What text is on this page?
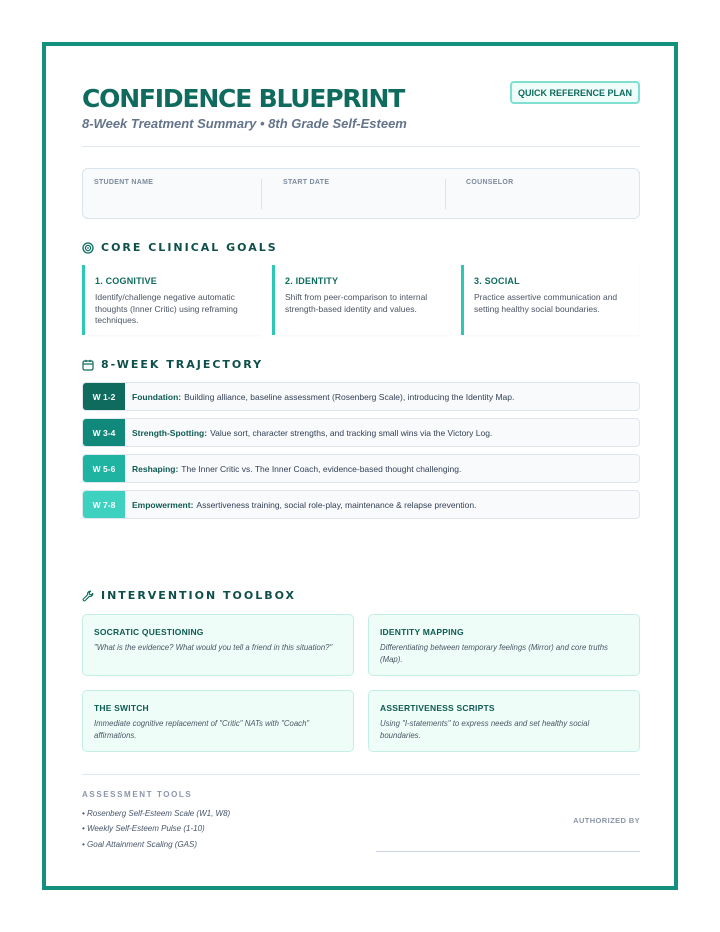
CONFIDENCE BLUEPRINT
8-Week Treatment Summary • 8th Grade Self-Esteem
QUICK REFERENCE PLAN
STUDENT NAME	START DATE	COUNSELOR
CORE CLINICAL GOALS
1. COGNITIVE
Identify/challenge negative automatic thoughts (Inner Critic) using reframing techniques.
2. IDENTITY
Shift from peer-comparison to internal strength-based identity and values.
3. SOCIAL
Practice assertive communication and setting healthy social boundaries.
8-WEEK TRAJECTORY
W 1-2	Foundation: Building alliance, baseline assessment (Rosenberg Scale), introducing the Identity Map.
W 3-4	Strength-Spotting: Value sort, character strengths, and tracking small wins via the Victory Log.
W 5-6	Reshaping: The Inner Critic vs. The Inner Coach, evidence-based thought challenging.
W 7-8	Empowerment: Assertiveness training, social role-play, maintenance & relapse prevention.
INTERVENTION TOOLBOX
SOCRATIC QUESTIONING
"What is the evidence? What would you tell a friend in this situation?"
IDENTITY MAPPING
Differentiating between temporary feelings (Mirror) and core truths (Map).
THE SWITCH
Immediate cognitive replacement of "Critic" NATs with "Coach" affirmations.
ASSERTIVENESS SCRIPTS
Using "I-statements" to express needs and set healthy social boundaries.
ASSESSMENT TOOLS
• Rosenberg Self-Esteem Scale (W1, W8)
• Weekly Self-Esteem Pulse (1-10)
• Goal Attainment Scaling (GAS)
AUTHORIZED BY
